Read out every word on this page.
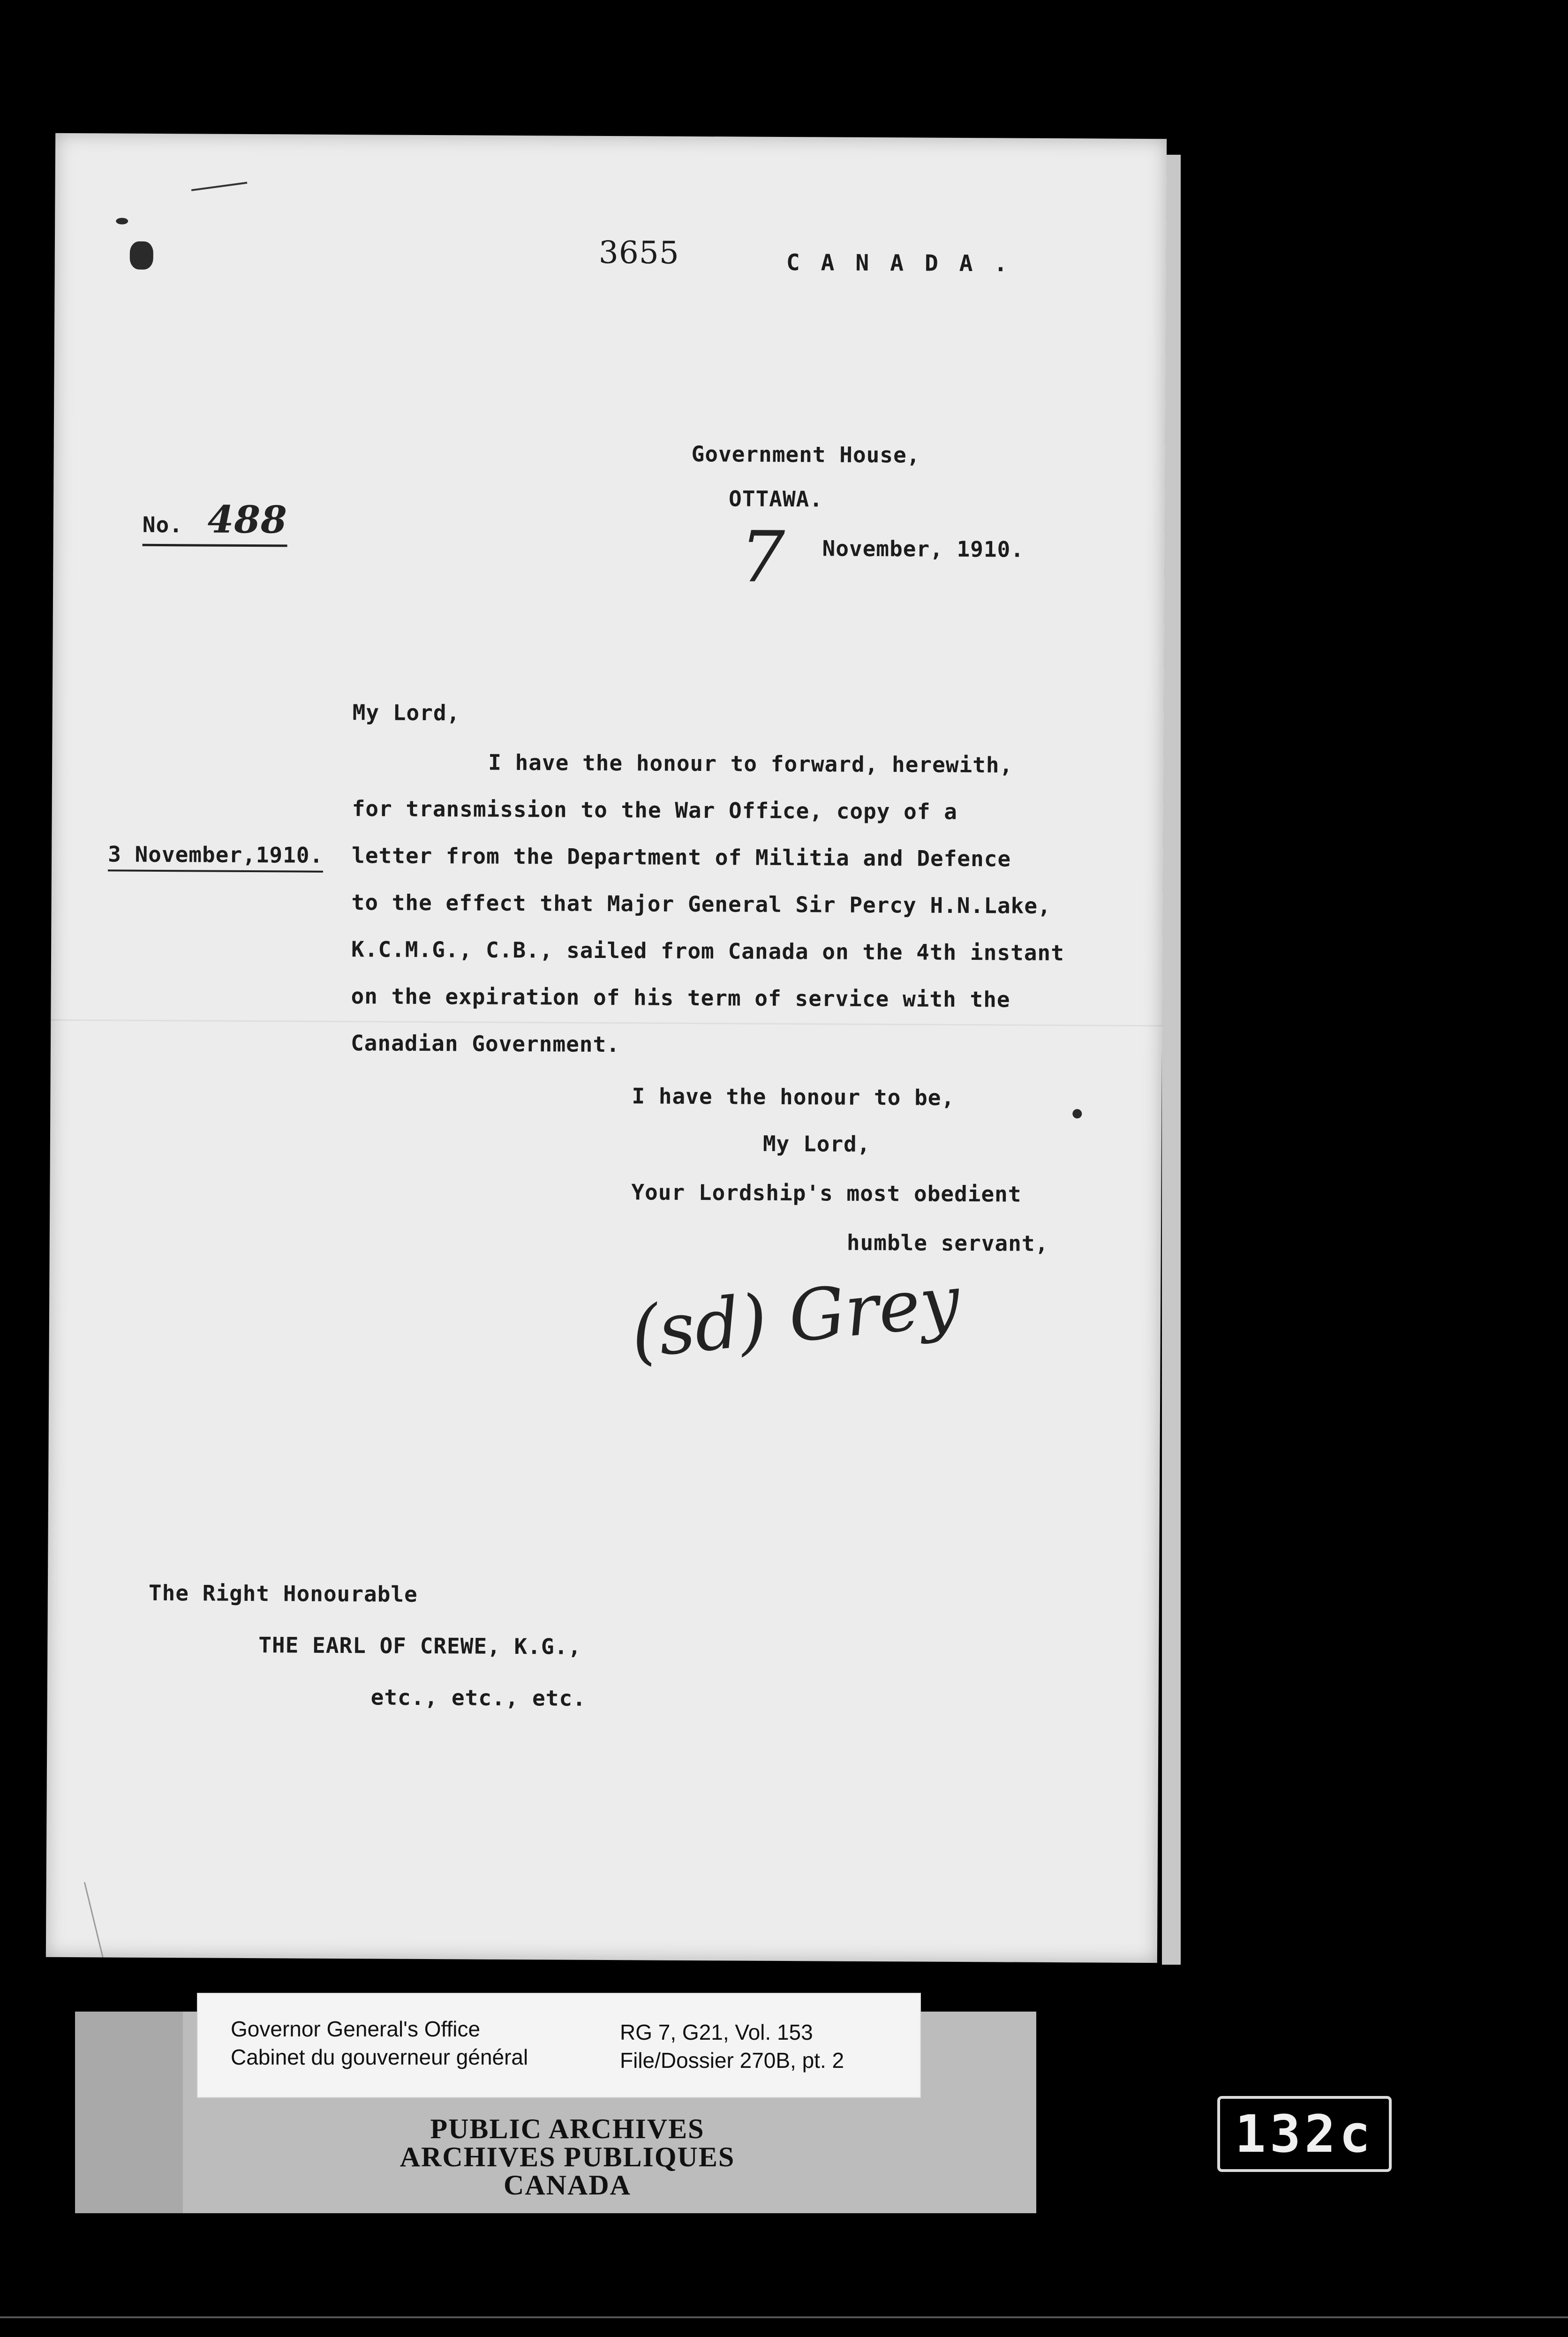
3655	C A N A D A .
Government House,
OTTAWA.
7 November, 1910.
No. 488
My Lord,
I have the honour to forward, herewith,
for transmission to the War Office, copy of a
3 November,1910. letter from the Department of Militia and Defence
to the effect that Major General Sir Percy H.N.Lake,
K.C.M.G., C.B., sailed from Canada on the 4th instant
on the expiration of his term of service with the
Canadian Government.
I have the honour to be,
My Lord,
Your Lordship's most obedient
humble servant,
(sd) Grey
The Right Honourable
THE EARL OF CREWE, K.G.,
etc., etc., etc.
Governor General's Office
Cabinet du gouverneur général
RG 7, G21, Vol. 153
File/Dossier 270B, pt. 2
PUBLIC ARCHIVES
ARCHIVES PUBLIQUES
CANADA
132c
